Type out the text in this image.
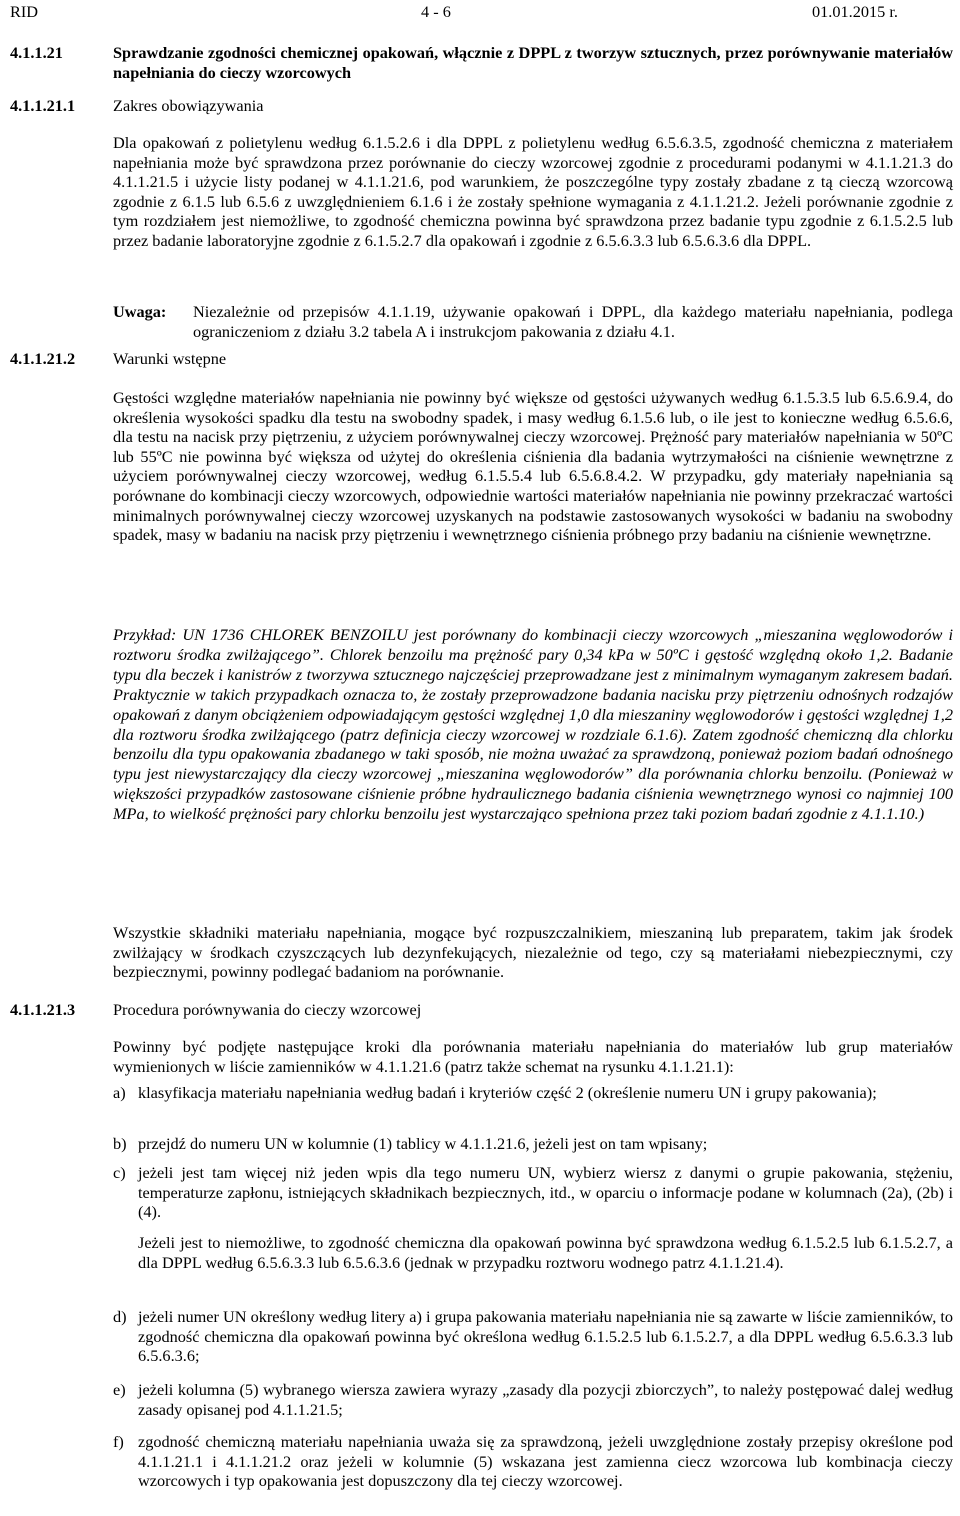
RID	4 - 6	01.01.2015 r.
4.1.1.21	Sprawdzanie zgodności chemicznej opakowań, włącznie z DPPL z tworzyw sztucznych, przez porównywanie materiałów napełniania do cieczy wzorcowych
4.1.1.21.1 Zakres obowiązywania

Dla opakowań z polietylenu według 6.1.5.2.6 i dla DPPL z polietylenu według 6.5.6.3.5, zgodność chemiczna z materiałem napełniania może być sprawdzona przez porównanie do cieczy wzorcowej zgodnie z procedurami podanymi w 4.1.1.21.3 do 4.1.1.21.5 i użycie listy podanej w 4.1.1.21.6, pod warunkiem, że poszczególne typy zostały zbadane z tą cieczą wzorcową zgodnie z 6.1.5 lub 6.5.6 z uwzględnieniem 6.1.6 i że zostały spełnione wymagania z 4.1.1.21.2. Jeżeli porównanie zgodnie z tym rozdziałem jest niemożliwe, to zgodność chemiczna powinna być sprawdzona przez badanie typu zgodnie z 6.1.5.2.5 lub przez badanie laboratoryjne zgodnie z 6.1.5.2.7 dla opakowań i zgodnie z 6.5.6.3.3 lub 6.5.6.3.6 dla DPPL.

Uwaga: Niezależnie od przepisów 4.1.1.19, używanie opakowań i DPPL, dla każdego materiału napełniania, podlega ograniczeniom z działu 3.2 tabela A i instrukcjom pakowania z działu 4.1.

4.1.1.21.2 Warunki wstępne

Gęstości względne materiałów napełniania nie powinny być większe od gęstości używanych według 6.1.5.3.5 lub 6.5.6.9.4, do określenia wysokości spadku dla testu na swobodny spadek, i masy według 6.1.5.6 lub, o ile jest to konieczne według 6.5.6.6, dla testu na nacisk przy piętrzeniu, z użyciem porównywalnej cieczy wzorcowej. Prężność pary materiałów napełniania w 50ºC lub 55ºC nie powinna być większa od użytej do określenia ciśnienia dla badania wytrzymałości na ciśnienie wewnętrzne z użyciem porównywalnej cieczy wzorcowej, według 6.1.5.5.4 lub 6.5.6.8.4.2. W przypadku, gdy materiały napełniania są porównane do kombinacji cieczy wzorcowych, odpowiednie wartości materiałów napełniania nie powinny przekraczać wartości minimalnych porównywalnej cieczy wzorcowej uzyskanych na podstawie zastosowanych wysokości w badaniu na swobodny spadek, masy w badaniu na nacisk przy piętrzeniu i wewnętrznego ciśnienia próbnego przy badaniu na ciśnienie wewnętrzne.

Przykład: UN 1736 CHLOREK BENZOILU jest porównany do kombinacji cieczy wzorcowych „mieszanina węglowodorów i roztworu środka zwilżającego”. Chlorek benzoilu ma prężność pary 0,34 kPa w 50ºC i gęstość względną około 1,2. Badanie typu dla beczek i kanistrów z tworzywa sztucznego najczęściej przeprowadzane jest z minimalnym wymaganym zakresem badań. Praktycznie w takich przypadkach oznacza to, że zostały przeprowadzone badania nacisku przy piętrzeniu odnośnych rodzajów opakowań z danym obciążeniem odpowiadającym gęstości względnej 1,0 dla mieszaniny węglowodorów i gęstości względnej 1,2 dla roztworu środka zwilżającego (patrz definicja cieczy wzorcowej w rozdziale 6.1.6). Zatem zgodność chemiczną dla chlorku benzoilu dla typu opakowania zbadanego w taki sposób, nie można uważać za sprawdzoną, ponieważ poziom badań odnośnego typu jest niewystarczający dla cieczy wzorcowej „mieszanina węglowodorów” dla porównania chlorku benzoilu. (Ponieważ w większości przypadków zastosowane ciśnienie próbne hydraulicznego badania ciśnienia wewnętrznego wynosi co najmniej 100 MPa, to wielkość prężności pary chlorku benzoilu jest wystarczająco spełniona przez taki poziom badań zgodnie z 4.1.1.10.)

Wszystkie składniki materiału napełniania, mogące być rozpuszczalnikiem, mieszaniną lub preparatem, takim jak środek zwilżający w środkach czyszczących lub dezynfekujących, niezależnie od tego, czy są materiałami niebezpiecznymi, czy bezpiecznymi, powinny podlegać badaniom na porównanie.

4.1.1.21.3 Procedura porównywania do cieczy wzorcowej

Powinny być podjęte następujące kroki dla porównania materiału napełniania do materiałów lub grup materiałów wymienionych w liście zamienników w 4.1.1.21.6 (patrz także schemat na rysunku 4.1.1.21.1):

a) klasyfikacja materiału napełniania według badań i kryteriów część 2 (określenie numeru UN i grupy pakowania);

b) przejdź do numeru UN w kolumnie (1) tablicy w 4.1.1.21.6, jeżeli jest on tam wpisany;

c) jeżeli jest tam więcej niż jeden wpis dla tego numeru UN, wybierz wiersz z danymi o grupie pakowania, stężeniu, temperaturze zapłonu, istniejących składnikach bezpiecznych, itd., w oparciu o informacje podane w kolumnach (2a), (2b) i (4).

Jeżeli jest to niemożliwe, to zgodność chemiczna dla opakowań powinna być sprawdzona według 6.1.5.2.5 lub 6.1.5.2.7, a dla DPPL według 6.5.6.3.3 lub 6.5.6.3.6 (jednak w przypadku roztworu wodnego patrz 4.1.1.21.4).

d) jeżeli numer UN określony według litery a) i grupa pakowania materiału napełniania nie są zawarte w liście zamienników, to zgodność chemiczna dla opakowań powinna być określona według 6.1.5.2.5 lub 6.1.5.2.7, a dla DPPL według 6.5.6.3.3 lub 6.5.6.3.6;

e) jeżeli kolumna (5) wybranego wiersza zawiera wyrazy „zasady dla pozycji zbiorczych”, to należy postępować dalej według zasady opisanej pod 4.1.1.21.5;

f) zgodność chemiczną materiału napełniania uważa się za sprawdzoną, jeżeli uwzględnione zostały przepisy określone pod 4.1.1.21.1 i 4.1.1.21.2 oraz jeżeli w kolumnie (5) wskazana jest zamienna ciecz wzorcowa lub kombinacja cieczy wzorcowych i typ opakowania jest dopuszczony dla tej cieczy wzorcowej.
